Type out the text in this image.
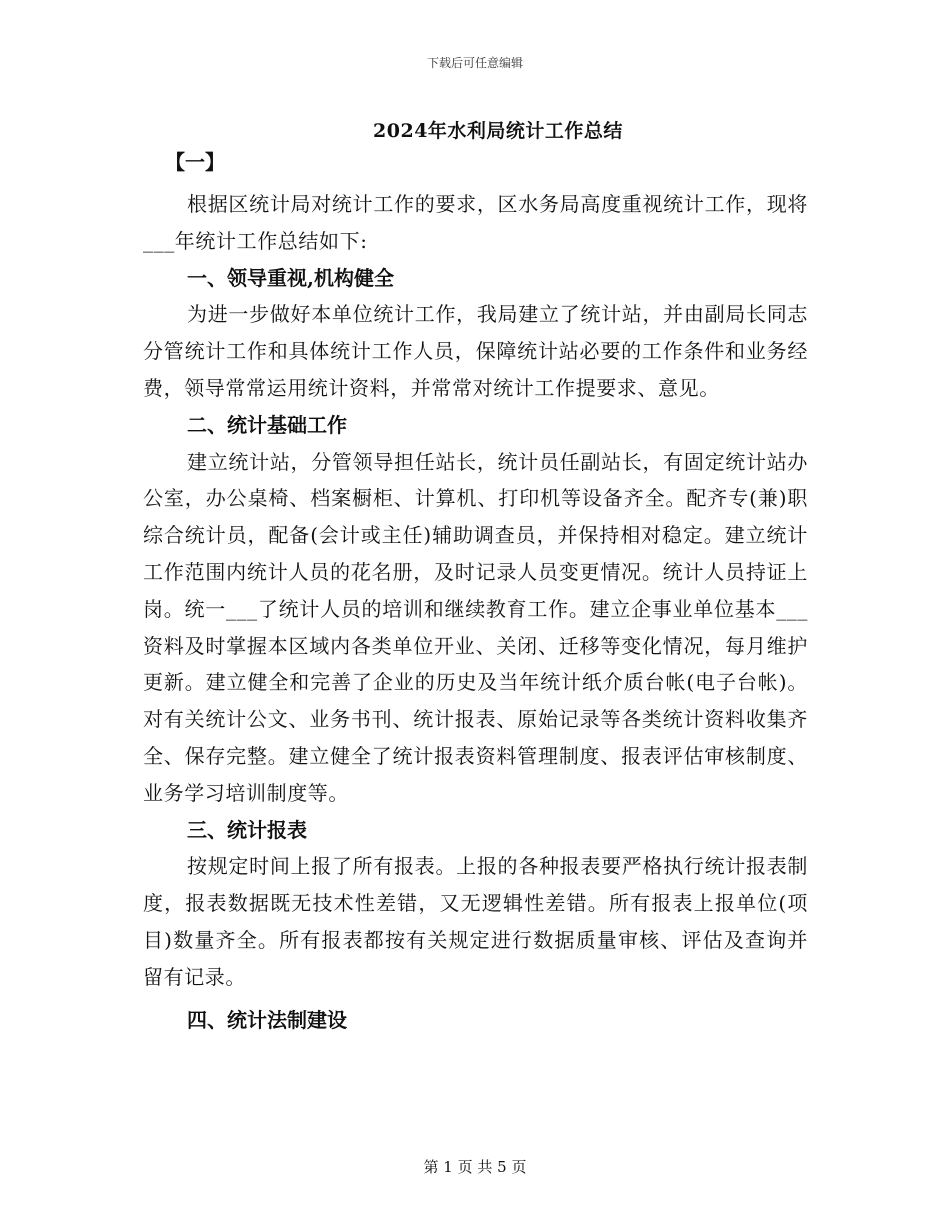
下载后可任意编辑
2024年水利局统计工作总结
【一】

根据区统计局对统计工作的要求，区水务局高度重视统计工作，现将___年统计工作总结如下:

一、领导重视,机构健全

为进一步做好本单位统计工作，我局建立了统计站，并由副局长同志分管统计工作和具体统计工作人员，保障统计站必要的工作条件和业务经费，领导常常运用统计资料，并常常对统计工作提要求、意见。

二、统计基础工作

建立统计站，分管领导担任站长，统计员任副站长，有固定统计站办公室，办公桌椅、档案橱柜、计算机、打印机等设备齐全。配齐专(兼)职综合统计员，配备(会计或主任)辅助调查员，并保持相对稳定。建立统计工作范围内统计人员的花名册，及时记录人员变更情况。统计人员持证上岗。统一___了统计人员的培训和继续教育工作。建立企事业单位基本___资料及时掌握本区域内各类单位开业、关闭、迁移等变化情况，每月维护更新。建立健全和完善了企业的历史及当年统计纸介质台帐(电子台帐)。对有关统计公文、业务书刊、统计报表、原始记录等各类统计资料收集齐全、保存完整。建立健全了统计报表资料管理制度、报表评估审核制度、业务学习培训制度等。

三、统计报表

按规定时间上报了所有报表。上报的各种报表要严格执行统计报表制度，报表数据既无技术性差错，又无逻辑性差错。所有报表上报单位(项目)数量齐全。所有报表都按有关规定进行数据质量审核、评估及查询并留有记录。

四、统计法制建设

第 1 页 共 5 页
